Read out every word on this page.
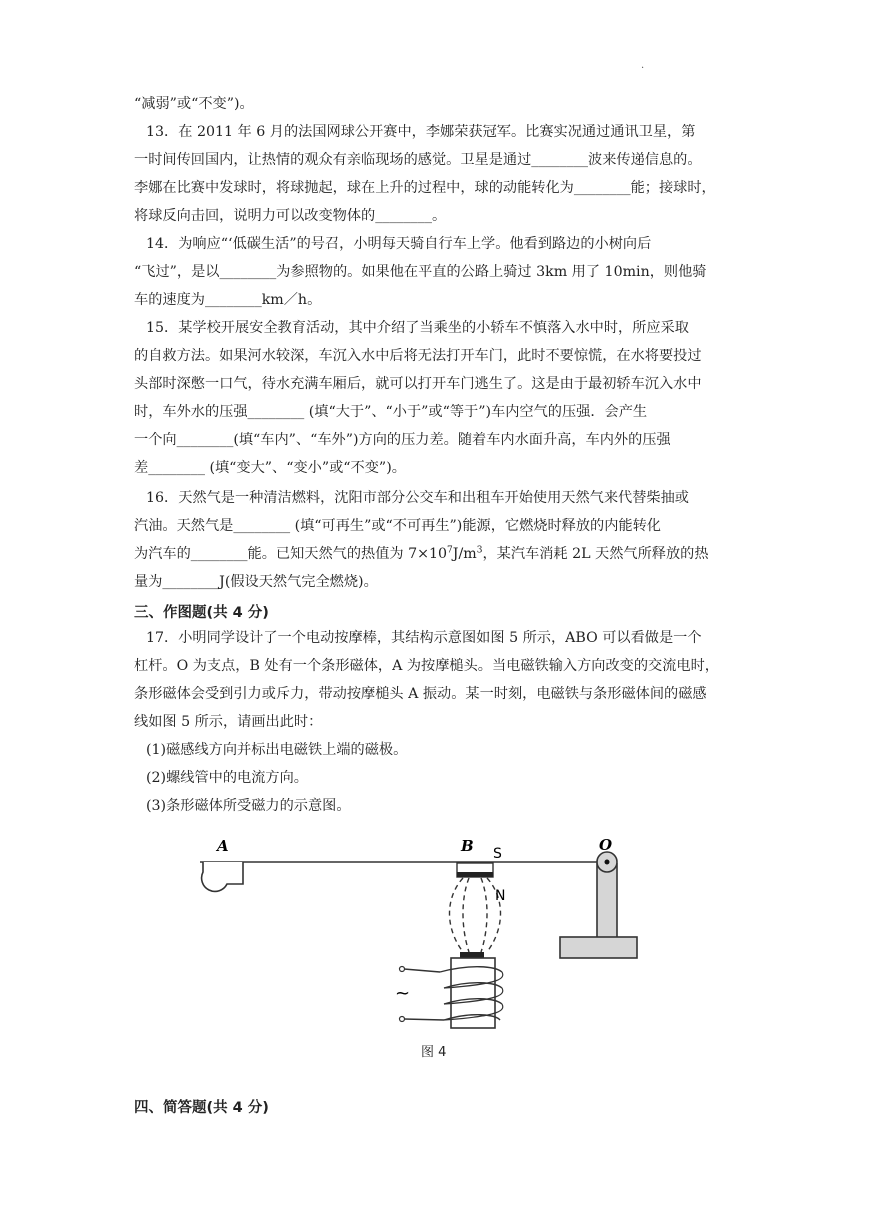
.
“减弱”或“不变”)。
13．在 2011 年 6 月的法国网球公开赛中，李娜荣获冠军。比赛实况通过通讯卫星，第
一时间传回国内，让热情的观众有亲临现场的感觉。卫星是通过________波来传递信息的。
李娜在比赛中发球时，将球抛起，球在上升的过程中，球的动能转化为________能；接球时，
将球反向击回，说明力可以改变物体的________。
14．为响应“‘低碳生活”的号召，小明每天骑自行车上学。他看到路边的小树向后
“飞过”，是以________为参照物的。如果他在平直的公路上骑过 3km 用了 10min，则他骑
车的速度为________km／h。
15．某学校开展安全教育活动，其中介绍了当乘坐的小轿车不慎落入水中时，所应采取
的自救方法。如果河水较深，车沉入水中后将无法打开车门，此时不要惊慌，在水将要投过
头部时深憋一口气，待水充满车厢后，就可以打开车门逃生了。这是由于最初轿车沉入水中
时，车外水的压强________ (填“大于”、“小于”或“等于”)车内空气的压强．会产生
一个向________(填“车内”、“车外”)方向的压力差。随着车内水面升高，车内外的压强
差________ (填“变大”、“变小”或“不变”)。
16．天然气是一种清洁燃料，沈阳市部分公交车和出租车开始使用天然气来代替柴抽或
汽油。天然气是________ (填“可再生”或“不可再生”)能源，它燃烧时释放的内能转化
为汽车的________能。已知天然气的热值为 $7\times 10^7J/m^3$，某汽车消耗 2L 天然气所释放的热
量为________J(假设天然气完全燃烧)。
三、作图题(共 4 分)
17．小明同学设计了一个电动按摩棒，其结构示意图如图 5 所示，ABO 可以看做是一个
杠杆。O 为支点，B 处有一个条形磁体，A 为按摩槌头。当电磁铁输入方向改变的交流电时，
条形磁体会受到引力或斥力，带动按摩槌头 A 振动。某一时刻，电磁铁与条形磁体间的磁感
线如图 5 所示，请画出此时：
(1)磁感线方向并标出电磁铁上端的磁极。
(2)螺线管中的电流方向。
(3)条形磁体所受磁力的示意图。
A	B S	O
N
~
图 4
四、简答题(共 4 分)
